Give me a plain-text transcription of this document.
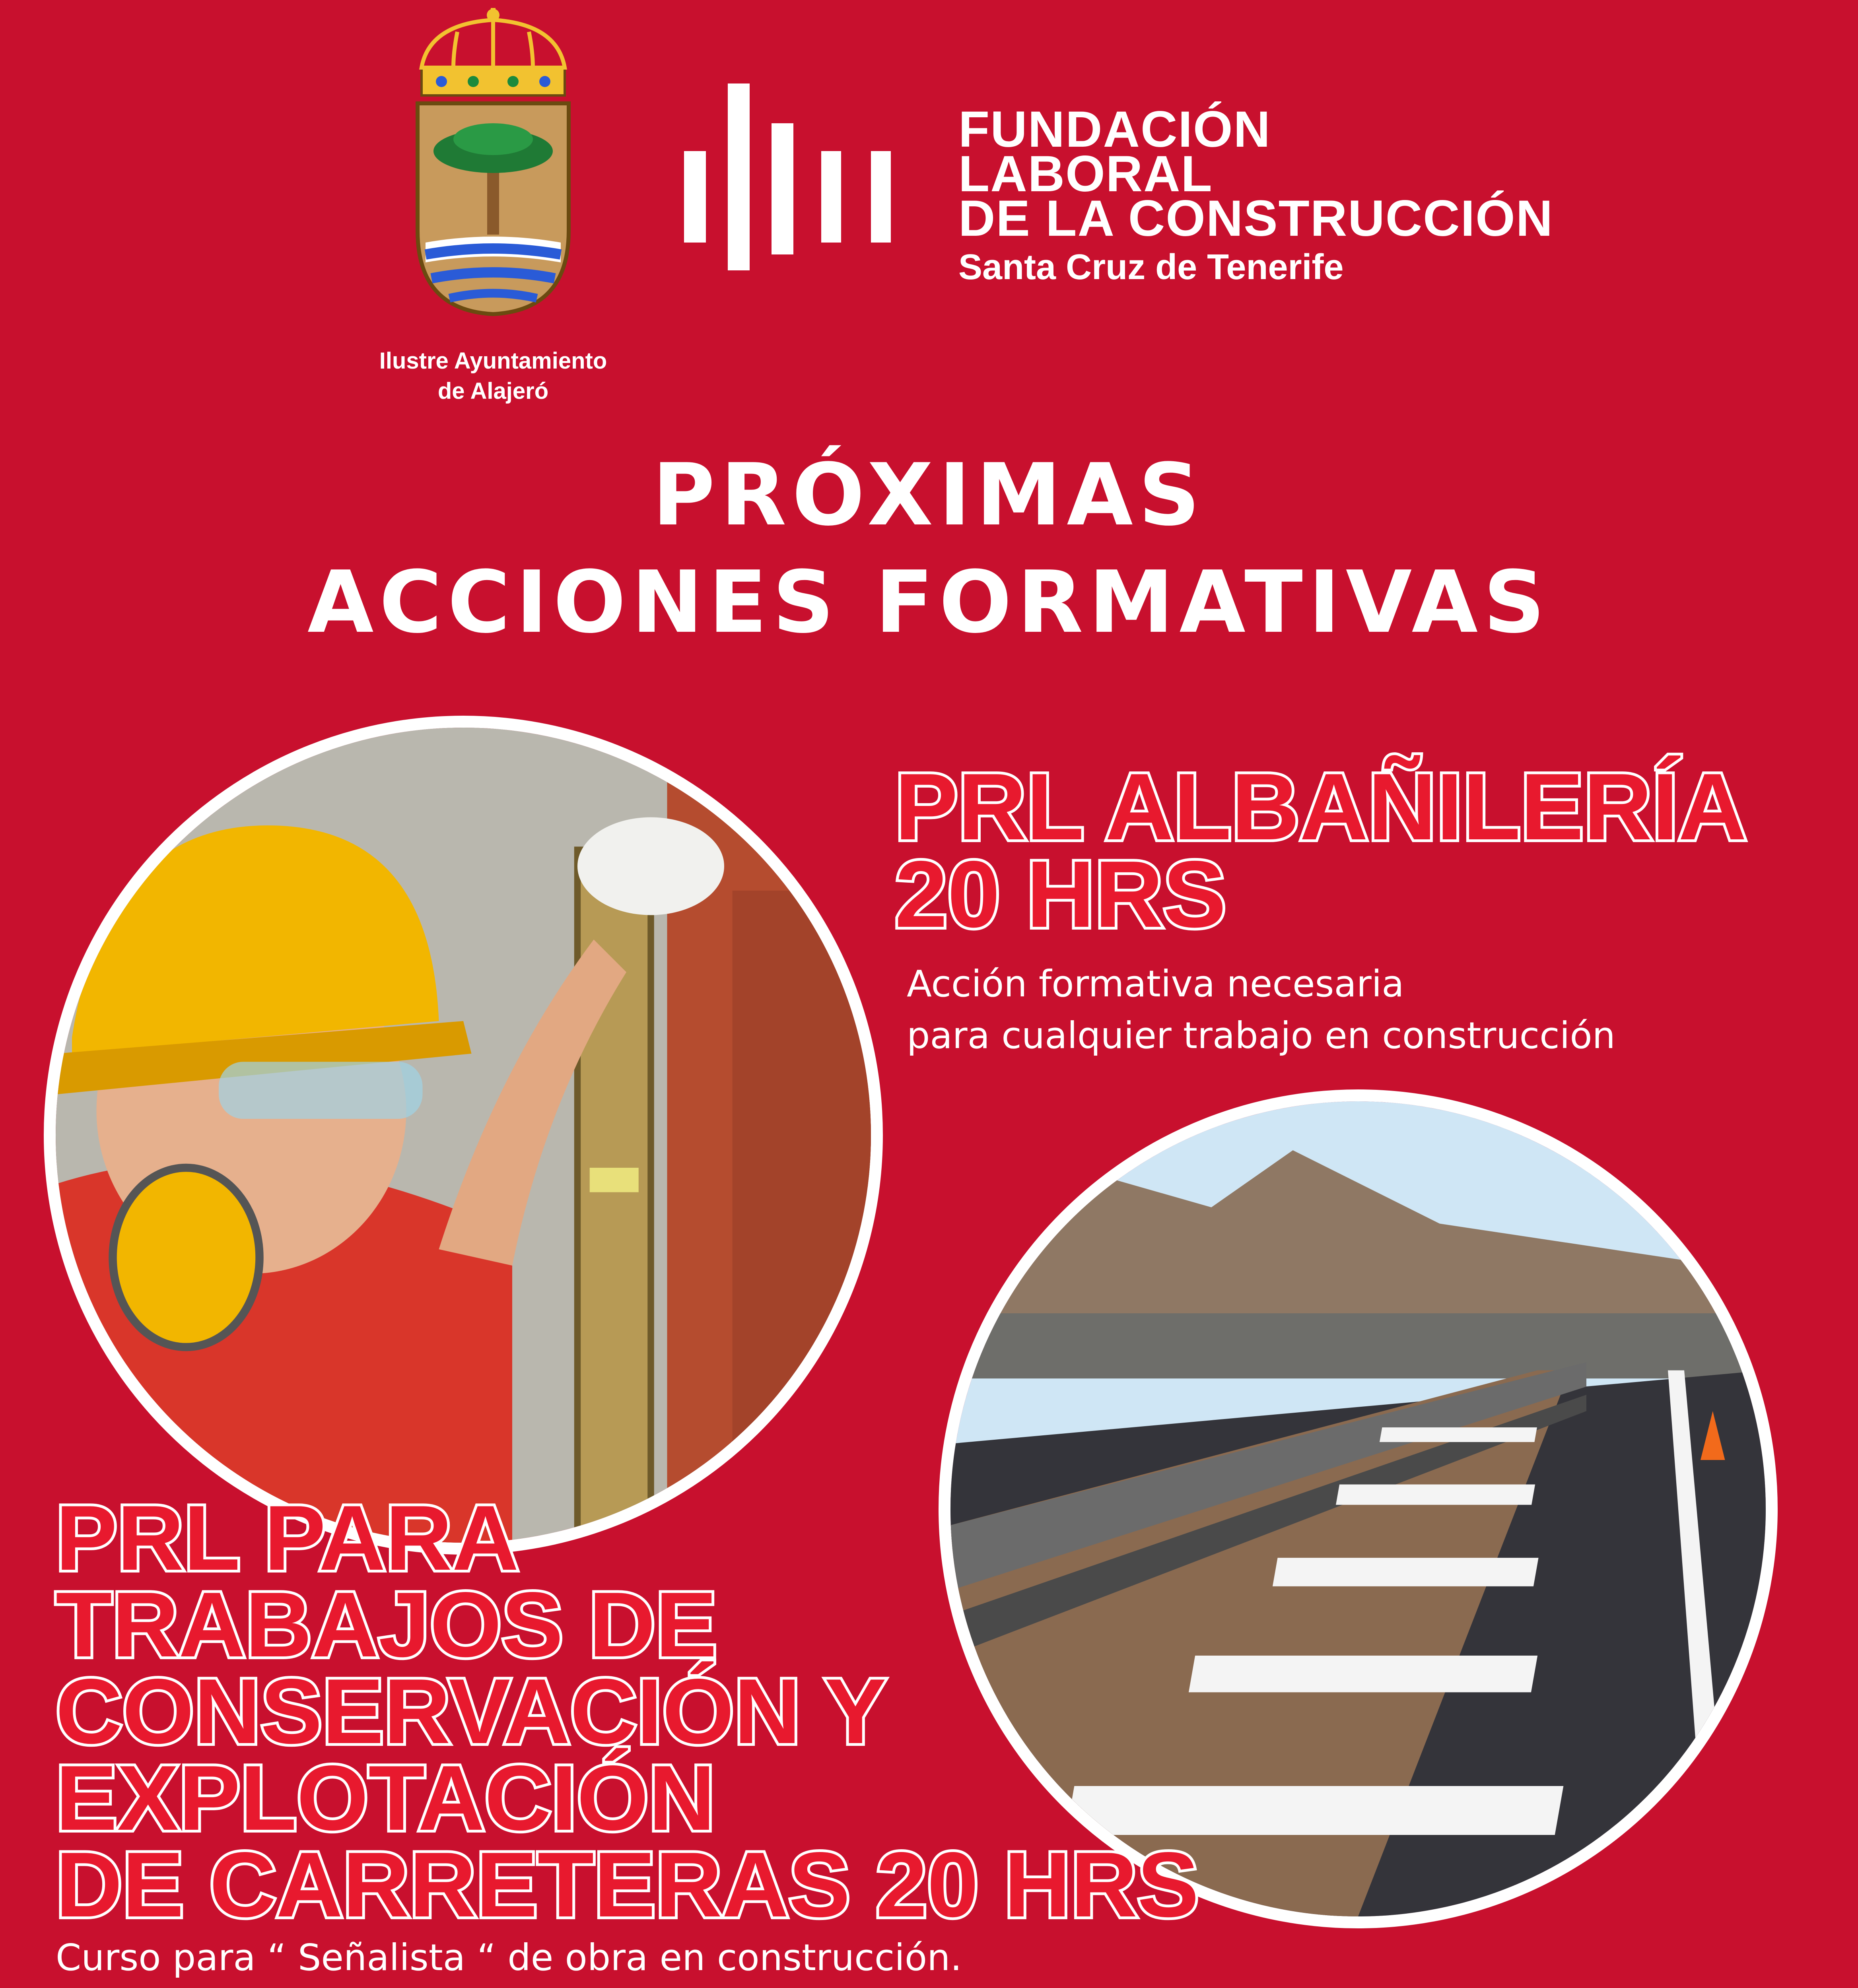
Ilustre Ayuntamiento
de Alajeró
FUNDACIÓN
LABORAL
DE LA CONSTRUCCIÓN
Santa Cruz de Tenerife
PRÓXIMAS
ACCIONES FORMATIVAS
PRL ALBAÑILERÍA
20 HRS
Acción formativa necesaria
para cualquier trabajo en construcción
PRL PARA
TRABAJOS DE
CONSERVACIÓN Y
EXPLOTACIÓN
DE CARRETERAS 20 HRS
Curso para “ Señalista “ de obra en construcción.
